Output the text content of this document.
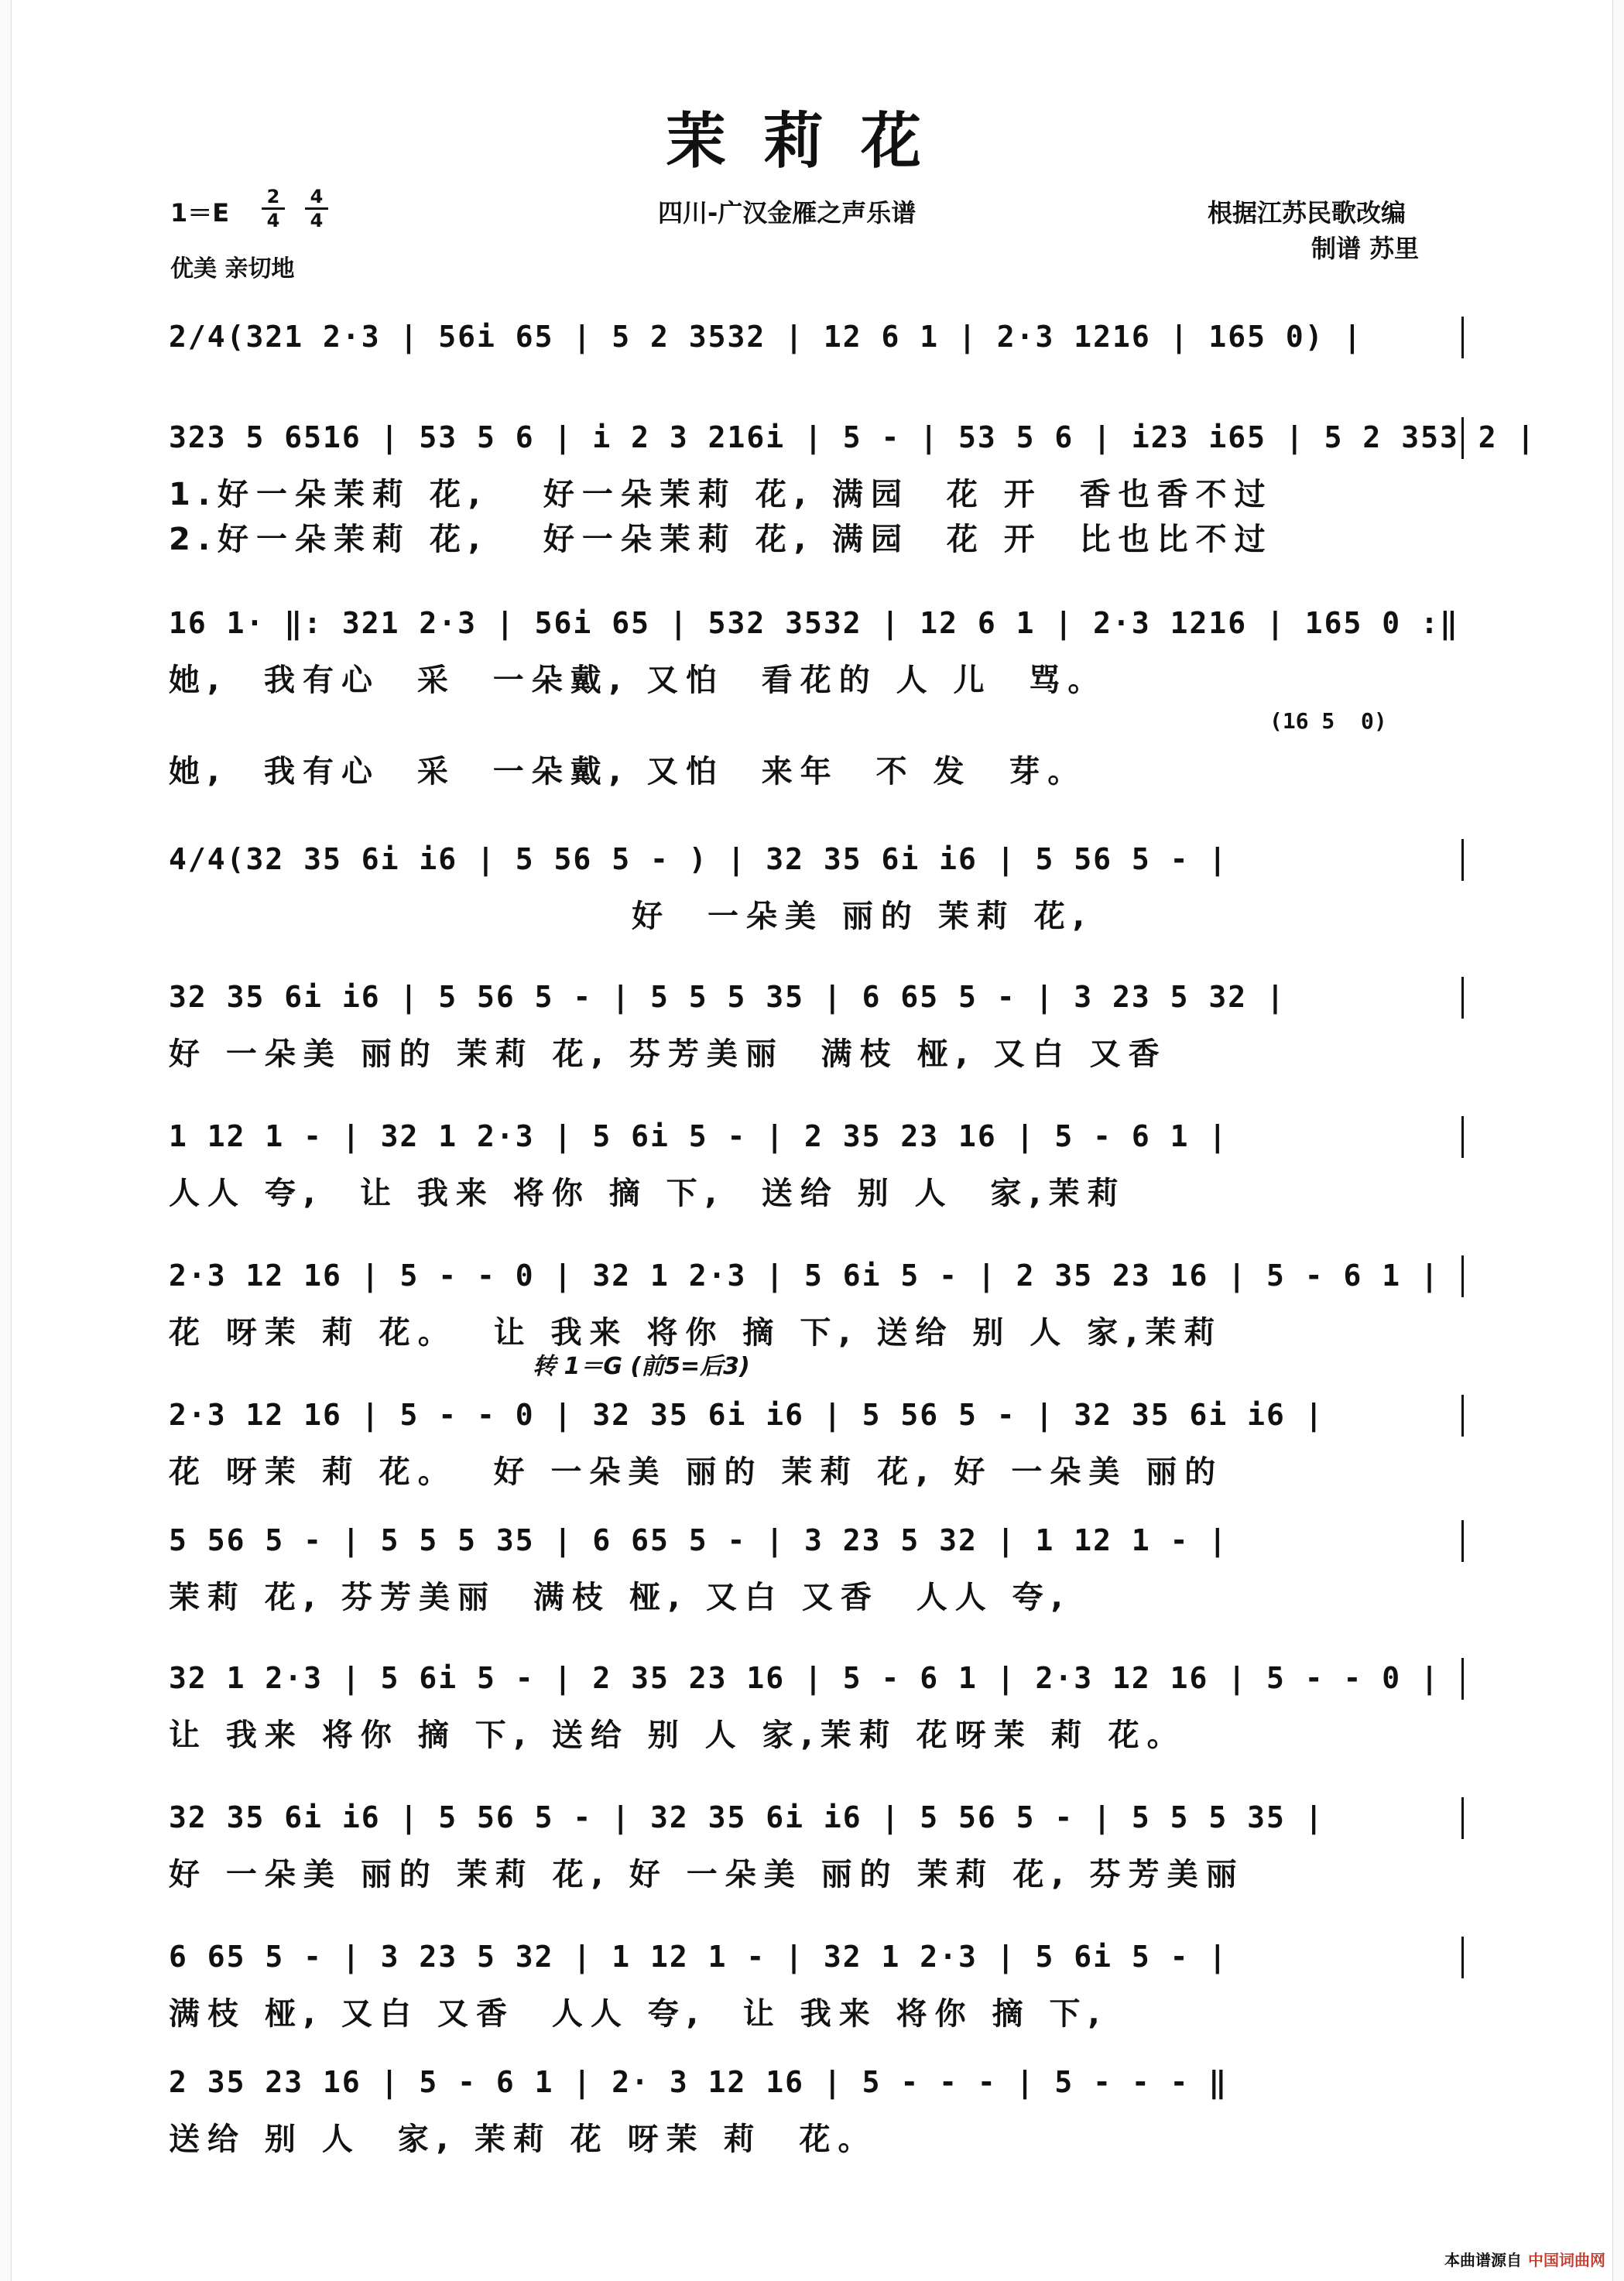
茉莉花
1＝E
2
4
4
4
优美 亲切地
四川-广汉金雁之声乐谱	根据江苏民歌改编
制谱 苏里
2/4(321 2·3 | 56i 65 | 5 2 3532 | 12 6 1 | 2·3 1216 | 165 0) |
323 5 6516 | 53 5 6 | i 2 3 216i | 5 - | 53 5 6 | i23 i65 | 5 2 353 2 |
1.好一朵茉莉 花,   好一朵茉莉 花, 满园  花 开  香也香不过
2.好一朵茉莉 花,   好一朵茉莉 花, 满园  花 开  比也比不过
16 1· ‖: 321 2·3 | 56i 65 | 532 3532 | 12 6 1 | 2·3 1216 | 165 0 :‖
她,  我有心  采  一朵戴, 又怕  看花的 人 儿  骂。
(16 5  0)
她,  我有心  采  一朵戴, 又怕  来年  不 发  芽。
4/4(32 35 6i i6 | 5 56 5 - ) | 32 35 6i i6 | 5 56 5 - |
好  一朵美 丽的 茉莉 花,
32 35 6i i6 | 5 56 5 - | 5 5 5 35 | 6 65 5 - | 3 23 5 32 |
好 一朵美 丽的 茉莉 花, 芬芳美丽  满枝 桠, 又白 又香
1 12 1 - | 32 1 2·3 | 5 6i 5 - | 2 35 23 16 | 5 - 6 1 |
人人 夸,  让 我来 将你 摘 下,  送给 别 人  家,茉莉
2·3 12 16 | 5 - - 0 | 32 1 2·3 | 5 6i 5 - | 2 35 23 16 | 5 - 6 1 |
花 呀茉 莉 花。  让 我来 将你 摘 下, 送给 别 人 家,茉莉
转 1＝G (前5=后3)
2·3 12 16 | 5 - - 0 | 32 35 6i i6 | 5 56 5 - | 32 35 6i i6 |
花 呀茉 莉 花。  好 一朵美 丽的 茉莉 花, 好 一朵美 丽的
5 56 5 - | 5 5 5 35 | 6 65 5 - | 3 23 5 32 | 1 12 1 - |
茉莉 花, 芬芳美丽  满枝 桠, 又白 又香  人人 夸,
32 1 2·3 | 5 6i 5 - | 2 35 23 16 | 5 - 6 1 | 2·3 12 16 | 5 - - 0 |
让 我来 将你 摘 下, 送给 别 人 家,茉莉 花呀茉 莉 花。
32 35 6i i6 | 5 56 5 - | 32 35 6i i6 | 5 56 5 - | 5 5 5 35 |
好 一朵美 丽的 茉莉 花, 好 一朵美 丽的 茉莉 花, 芬芳美丽
6 65 5 - | 3 23 5 32 | 1 12 1 - | 32 1 2·3 | 5 6i 5 - |
满枝 桠, 又白 又香  人人 夸,  让 我来 将你 摘 下,
2 35 23 16 | 5 - 6 1 | 2· 3 12 16 | 5 - - - | 5 - - - ‖
送给 别 人  家, 茉莉 花 呀茉 莉  花。
本曲谱源自 中国词曲网
